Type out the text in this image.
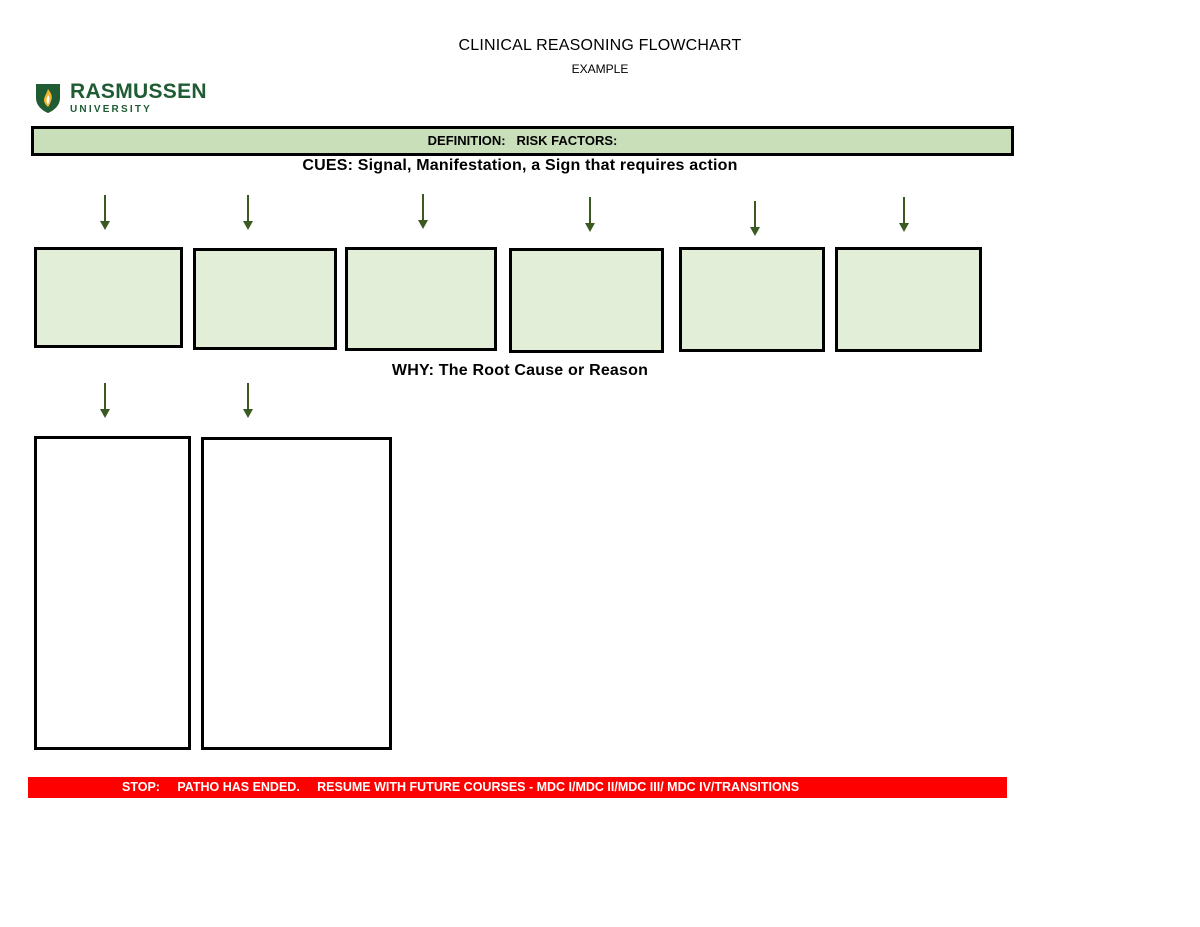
CLINICAL REASONING FLOWCHART
EXAMPLE
RASMUSSEN
UNIVERSITY
DEFINITION:   RISK FACTORS:
CUES: Signal, Manifestation, a Sign that requires action
WHY: The Root Cause or Reason
STOP:     PATHO HAS ENDED.     RESUME WITH FUTURE COURSES - MDC I/MDC II/MDC III/ MDC IV/TRANSITIONS
